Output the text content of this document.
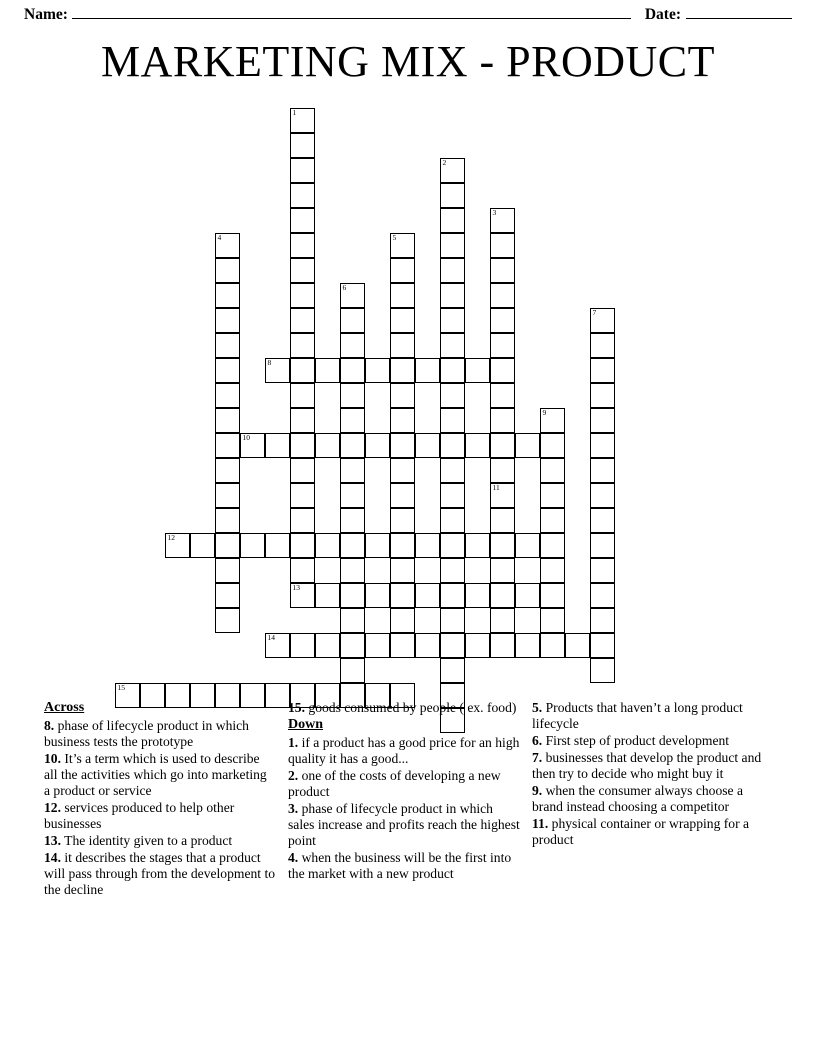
Name:	Date:
MARKETING MIX - PRODUCT
1
2
3
4	5
6
7
8
9
10
11
12
13
14
15
Across
8. phase of lifecycle product in which business tests the prototype
10. It’s a term which is used to describe all the activities which go into marketing a product or service
12. services produced to help other businesses
13. The identity given to a product
14. it describes the stages that a product will pass through from the development to the decline
15. goods consumed by people ( ex. food)
Down
1. if a product has a good price for an high quality it has a good...
2. one of the costs of developing a new product
3. phase of lifecycle product in which sales increase and profits reach the highest point
4. when the business will be the first into the market with a new product
5. Products that haven’t a long product lifecycle
6. First step of product development
7. businesses that develop the product and then try to decide who might buy it
9. when the consumer always choose a brand instead choosing a competitor
11. physical container or wrapping for a product
